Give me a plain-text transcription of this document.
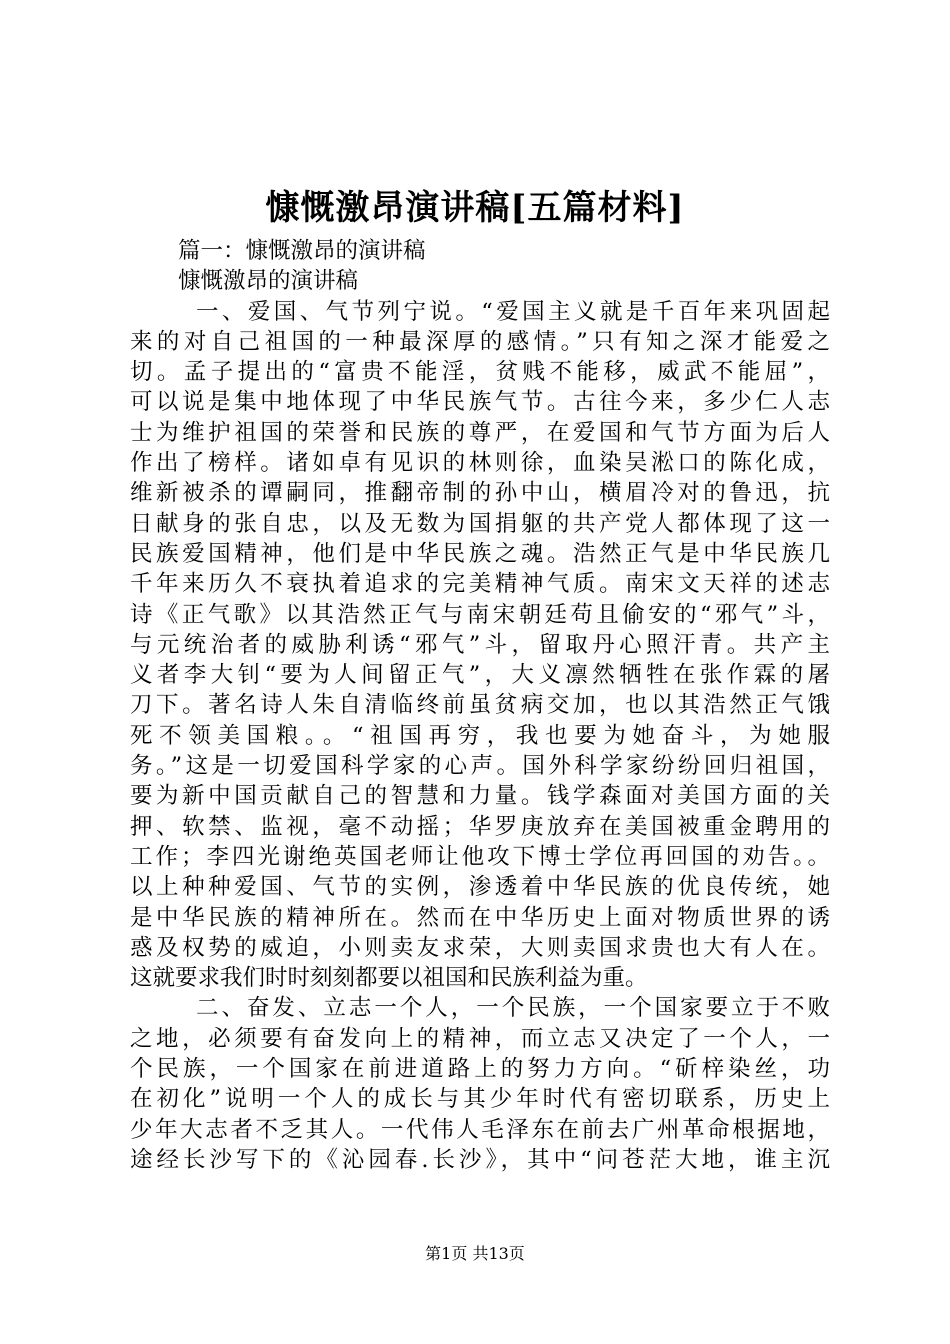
慷慨激昂演讲稿[五篇材料]
篇一：慷慨激昂的演讲稿
慷慨激昂的演讲稿
一、爱国、气节列宁说。“爱国主义就是千百年来巩固起
来的对自己祖国的一种最深厚的感情。”只有知之深才能爱之
切。孟子提出的“富贵不能淫，贫贱不能移，威武不能屈”，
可以说是集中地体现了中华民族气节。古往今来，多少仁人志
士为维护祖国的荣誉和民族的尊严，在爱国和气节方面为后人
作出了榜样。诸如卓有见识的林则徐，血染吴淞口的陈化成，
维新被杀的谭嗣同，推翻帝制的孙中山，横眉冷对的鲁迅，抗
日献身的张自忠，以及无数为国捐躯的共产党人都体现了这一
民族爱国精神，他们是中华民族之魂。浩然正气是中华民族几
千年来历久不衰执着追求的完美精神气质。南宋文天祥的述志
诗《正气歌》以其浩然正气与南宋朝廷苟且偷安的“邪气”斗，
与元统治者的威胁利诱“邪气”斗，留取丹心照汗青。共产主
义者李大钊“要为人间留正气”，大义凛然牺牲在张作霖的屠
刀下。著名诗人朱自清临终前虽贫病交加，也以其浩然正气饿
死不领美国粮。。“祖国再穷，我也要为她奋斗，为她服
务。”这是一切爱国科学家的心声。国外科学家纷纷回归祖国，
要为新中国贡献自己的智慧和力量。钱学森面对美国方面的关
押、软禁、监视，毫不动摇；华罗庚放弃在美国被重金聘用的
工作；李四光谢绝英国老师让他攻下博士学位再回国的劝告。。
以上种种爱国、气节的实例，渗透着中华民族的优良传统，她
是中华民族的精神所在。然而在中华历史上面对物质世界的诱
惑及权势的威迫，小则卖友求荣，大则卖国求贵也大有人在。
这就要求我们时时刻刻都要以祖国和民族利益为重。
二、奋发、立志一个人，一个民族，一个国家要立于不败
之地，必须要有奋发向上的精神，而立志又决定了一个人，一
个民族，一个国家在前进道路上的努力方向。“斫梓染丝，功
在初化”说明一个人的成长与其少年时代有密切联系，历史上
少年大志者不乏其人。一代伟人毛泽东在前去广州革命根据地，
途经长沙写下的《沁园春.长沙》，其中“问苍茫大地，谁主沉
第1页 共13页
